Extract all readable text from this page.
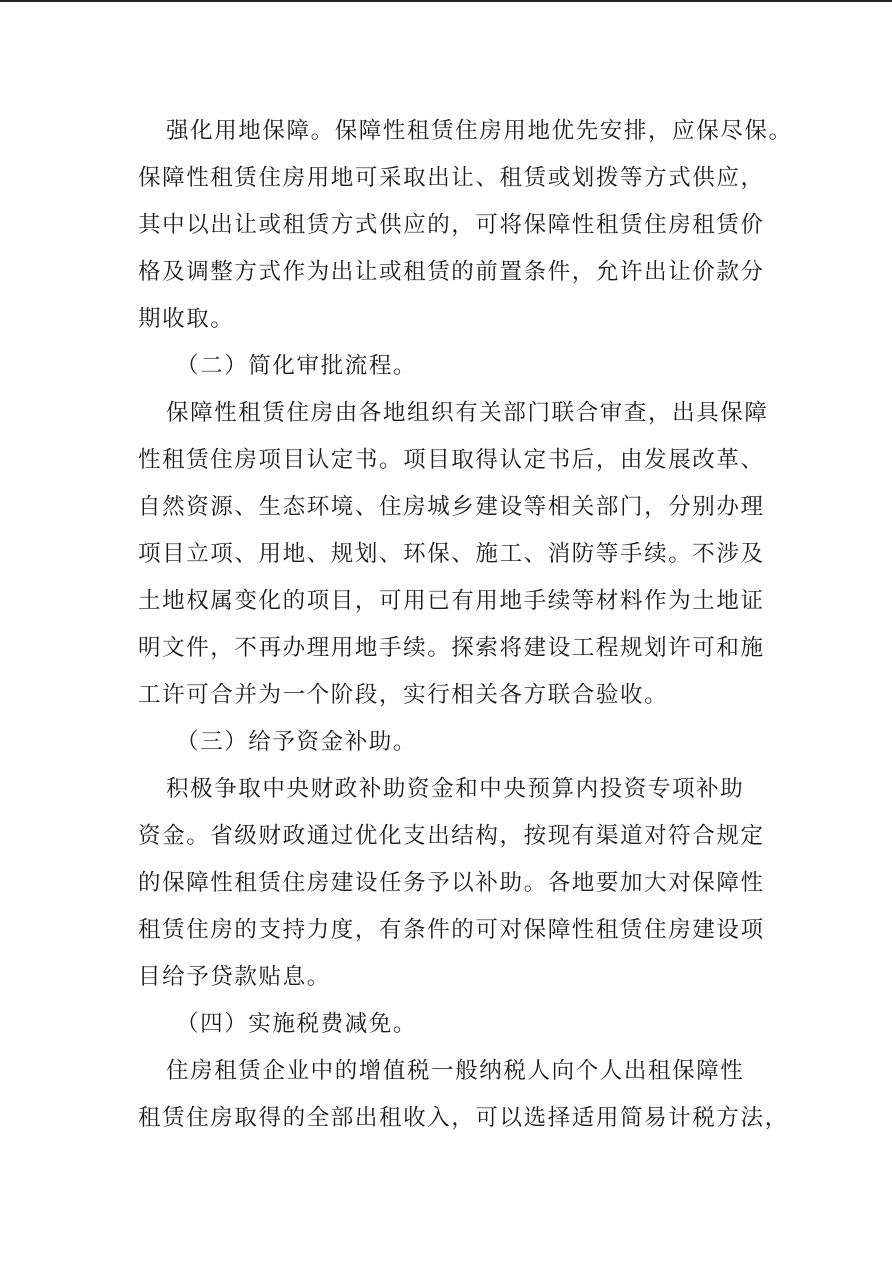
强化用地保障。保障性租赁住房用地优先安排，应保尽保。
保障性租赁住房用地可采取出让、租赁或划拨等方式供应，
其中以出让或租赁方式供应的，可将保障性租赁住房租赁价
格及调整方式作为出让或租赁的前置条件，允许出让价款分
期收取。
（二）简化审批流程。
保障性租赁住房由各地组织有关部门联合审查，出具保障
性租赁住房项目认定书。项目取得认定书后，由发展改革、
自然资源、生态环境、住房城乡建设等相关部门，分别办理
项目立项、用地、规划、环保、施工、消防等手续。不涉及
土地权属变化的项目，可用已有用地手续等材料作为土地证
明文件，不再办理用地手续。探索将建设工程规划许可和施
工许可合并为一个阶段，实行相关各方联合验收。
（三）给予资金补助。
积极争取中央财政补助资金和中央预算内投资专项补助
资金。省级财政通过优化支出结构，按现有渠道对符合规定
的保障性租赁住房建设任务予以补助。各地要加大对保障性
租赁住房的支持力度，有条件的可对保障性租赁住房建设项
目给予贷款贴息。
（四）实施税费减免。
住房租赁企业中的增值税一般纳税人向个人出租保障性
租赁住房取得的全部出租收入，可以选择适用简易计税方法，
